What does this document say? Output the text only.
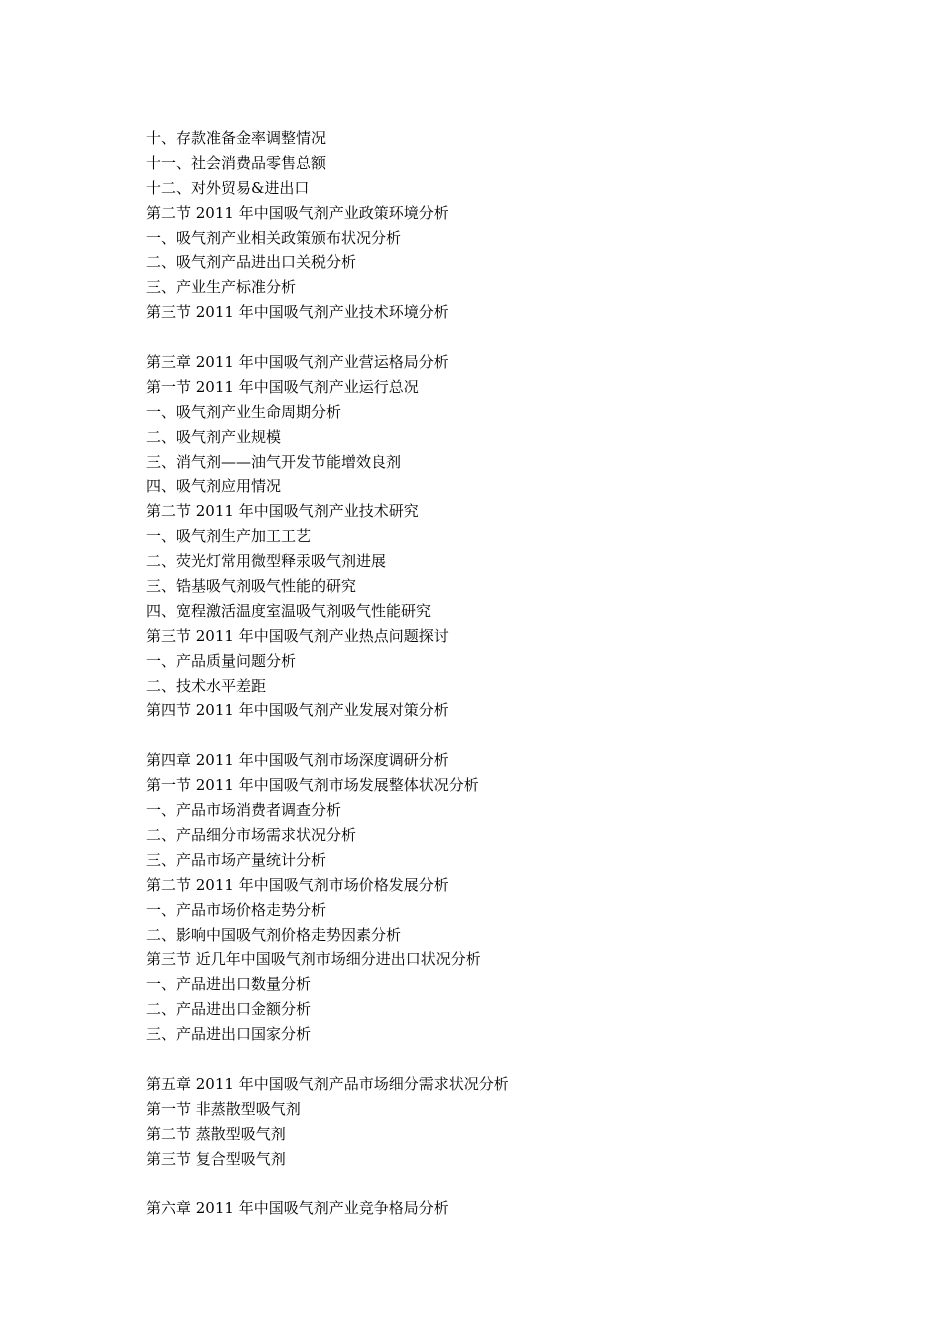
十、存款准备金率调整情况
十一、社会消费品零售总额
十二、对外贸易&进出口
第二节 2011 年中国吸气剂产业政策环境分析
一、吸气剂产业相关政策颁布状况分析
二、吸气剂产品进出口关税分析
三、产业生产标准分析
第三节 2011 年中国吸气剂产业技术环境分析
第三章 2011 年中国吸气剂产业营运格局分析
第一节 2011 年中国吸气剂产业运行总况
一、吸气剂产业生命周期分析
二、吸气剂产业规模
三、消气剂——油气开发节能增效良剂
四、吸气剂应用情况
第二节 2011 年中国吸气剂产业技术研究
一、吸气剂生产加工工艺
二、荧光灯常用微型释汞吸气剂进展
三、锆基吸气剂吸气性能的研究
四、宽程激活温度室温吸气剂吸气性能研究
第三节 2011 年中国吸气剂产业热点问题探讨
一、产品质量问题分析
二、技术水平差距
第四节 2011 年中国吸气剂产业发展对策分析
第四章 2011 年中国吸气剂市场深度调研分析
第一节 2011 年中国吸气剂市场发展整体状况分析
一、产品市场消费者调查分析
二、产品细分市场需求状况分析
三、产品市场产量统计分析
第二节 2011 年中国吸气剂市场价格发展分析
一、产品市场价格走势分析
二、影响中国吸气剂价格走势因素分析
第三节 近几年中国吸气剂市场细分进出口状况分析
一、产品进出口数量分析
二、产品进出口金额分析
三、产品进出口国家分析
第五章 2011 年中国吸气剂产品市场细分需求状况分析
第一节 非蒸散型吸气剂
第二节 蒸散型吸气剂
第三节 复合型吸气剂
第六章 2011 年中国吸气剂产业竞争格局分析
